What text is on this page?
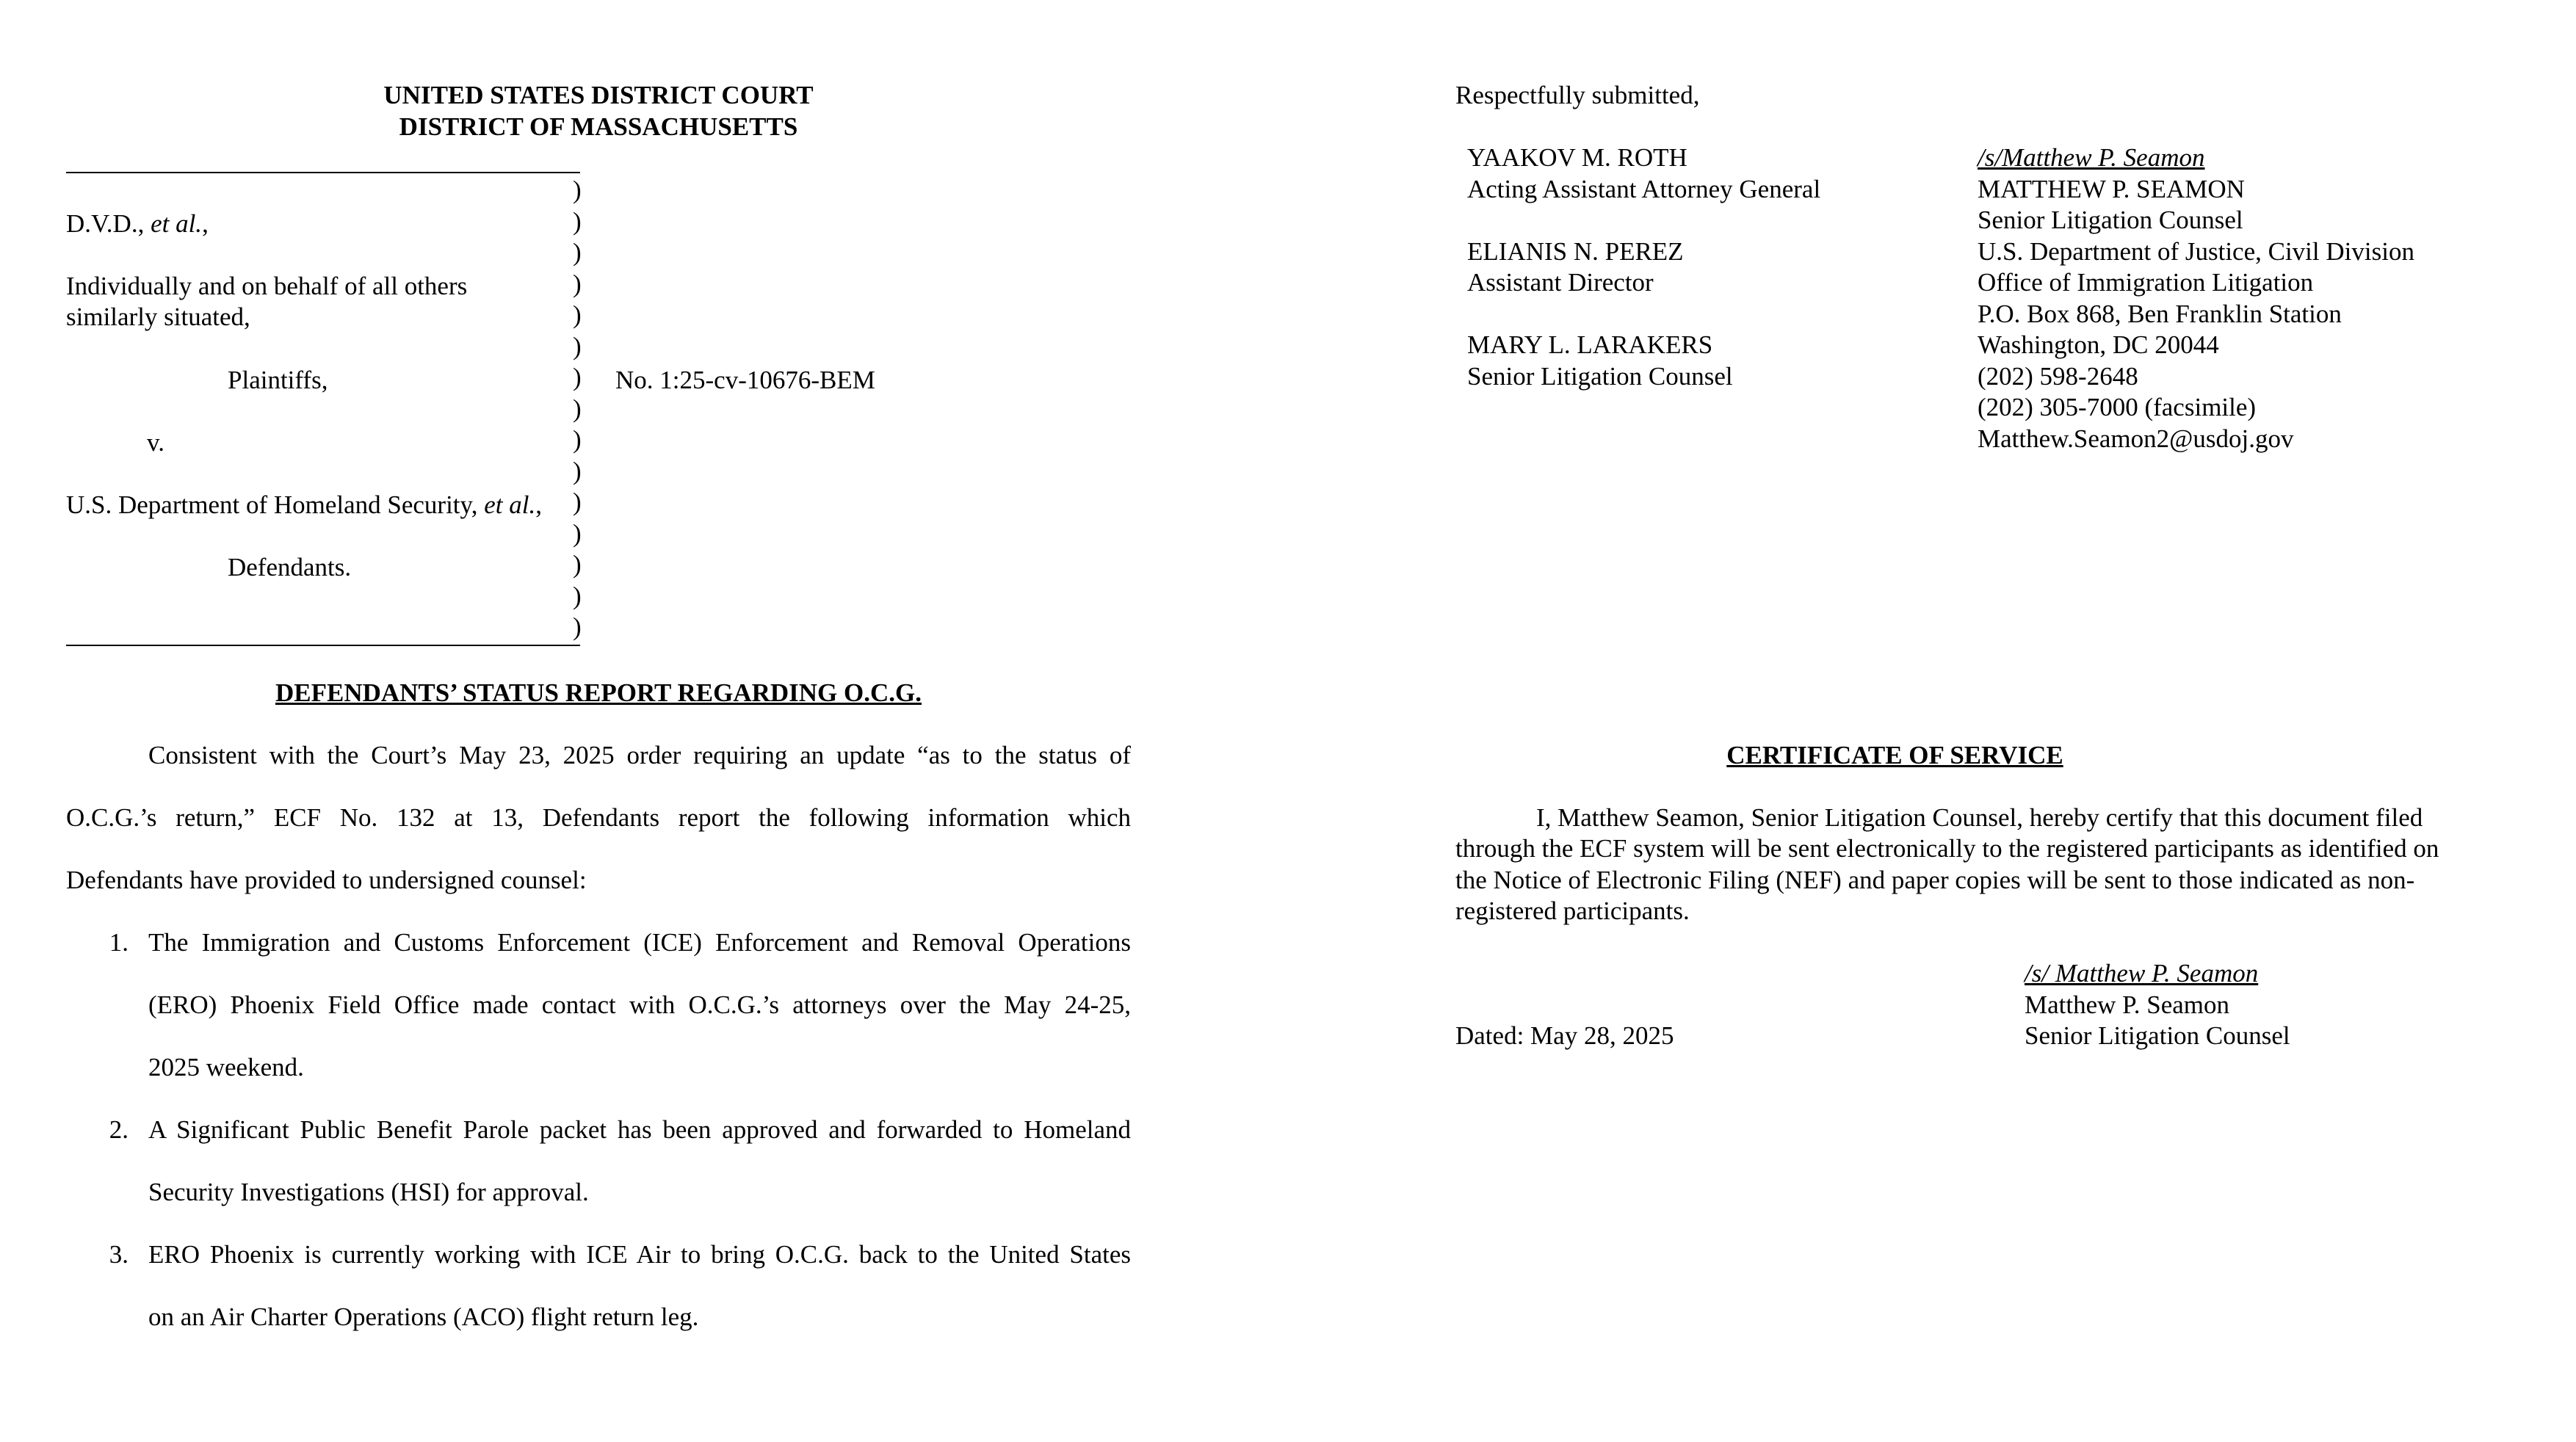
UNITED STATES DISTRICT COURT
DISTRICT OF MASSACHUSETTS
)
)
)
)
)
)
)
)
)
)
)
)
)
)
)
D.V.D., et al.,
Individually and on behalf of all others
similarly situated,
Plaintiffs,	No. 1:25-cv-10676-BEM
v.
U.S. Department of Homeland Security, et al.,
Defendants.
DEFENDANTS’ STATUS REPORT REGARDING O.C.G.
Consistent with the Court’s May 23, 2025 order requiring an update “as to the status of
O.C.G.’s return,” ECF No. 132 at 13, Defendants report the following information which
Defendants have provided to undersigned counsel:
1. The Immigration and Customs Enforcement (ICE) Enforcement and Removal Operations
(ERO) Phoenix Field Office made contact with O.C.G.’s attorneys over the May 24-25,
2025 weekend.
2. A Significant Public Benefit Parole packet has been approved and forwarded to Homeland
Security Investigations (HSI) for approval.
3. ERO Phoenix is currently working with ICE Air to bring O.C.G. back to the United States
on an Air Charter Operations (ACO) flight return leg.
Respectfully submitted,
YAAKOV M. ROTH
Acting Assistant Attorney General
ELIANIS N. PEREZ
Assistant Director
MARY L. LARAKERS
Senior Litigation Counsel
/s/Matthew P. Seamon
MATTHEW P. SEAMON
Senior Litigation Counsel
U.S. Department of Justice, Civil Division
Office of Immigration Litigation
P.O. Box 868, Ben Franklin Station
Washington, DC 20044
(202) 598-2648
(202) 305-7000 (facsimile)
Matthew.Seamon2@usdoj.gov
CERTIFICATE OF SERVICE
I, Matthew Seamon, Senior Litigation Counsel, hereby certify that this document filed
through the ECF system will be sent electronically to the registered participants as identified on
the Notice of Electronic Filing (NEF) and paper copies will be sent to those indicated as non-
registered participants.
/s/ Matthew P. Seamon
Matthew P. Seamon
Senior Litigation Counsel
Dated: May 28, 2025
